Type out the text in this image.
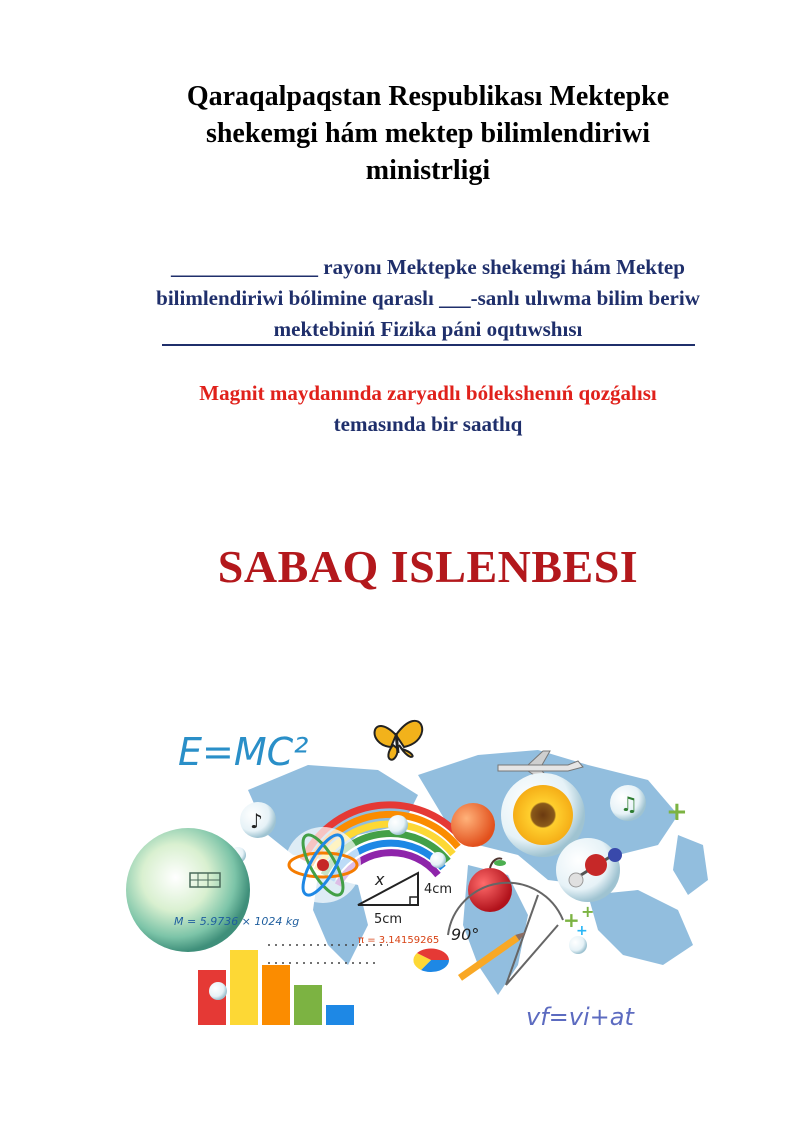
Qaraqalpaqstan Respublikası Mektepke
shekemgi hám mektep bilimlendiriwi
ministrligi
______________ rayonı Mektepke shekemgi hám Mektep
bilimlendiriwi bólimine qaraslı ___-sanlı ulıwma bilim beriw
mektebiniń Fizika páni oqıtıwshısı
Magnit maydanında zaryadlı bólekshenıń qozǵalısı
temasında bir saatlıq
SABAQ ISLENBESI
E=MC²
♪
♫
M = 5.9736 × 1024 kg
x
4cm
5cm
π = 3.14159265
+
+ +
+
90°
vf=vi+at
